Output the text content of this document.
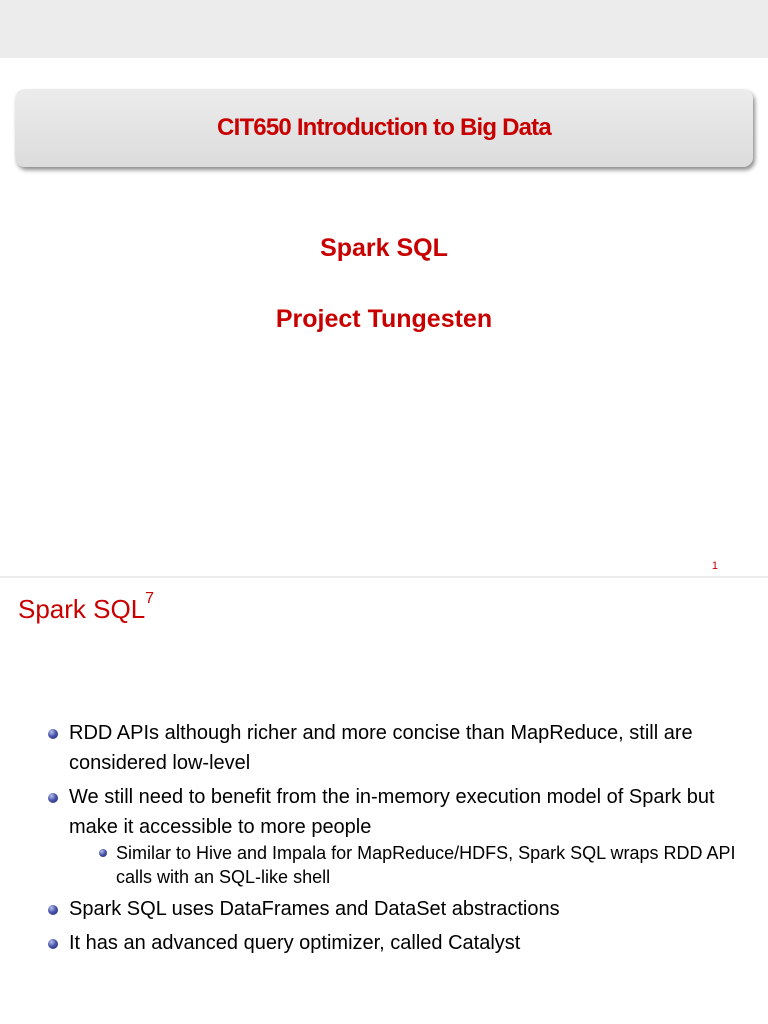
CIT650 Introduction to Big Data
Spark SQL
Project Tungesten
1
Spark SQL$^7$
RDD APIs although richer and more concise than MapReduce, still are considered low-level
We still need to benefit from the in-memory execution model of Spark but make it accessible to more people
Similar to Hive and Impala for MapReduce/HDFS, Spark SQL wraps RDD API calls with an SQL-like shell
Spark SQL uses DataFrames and DataSet abstractions
It has an advanced query optimizer, called Catalyst
